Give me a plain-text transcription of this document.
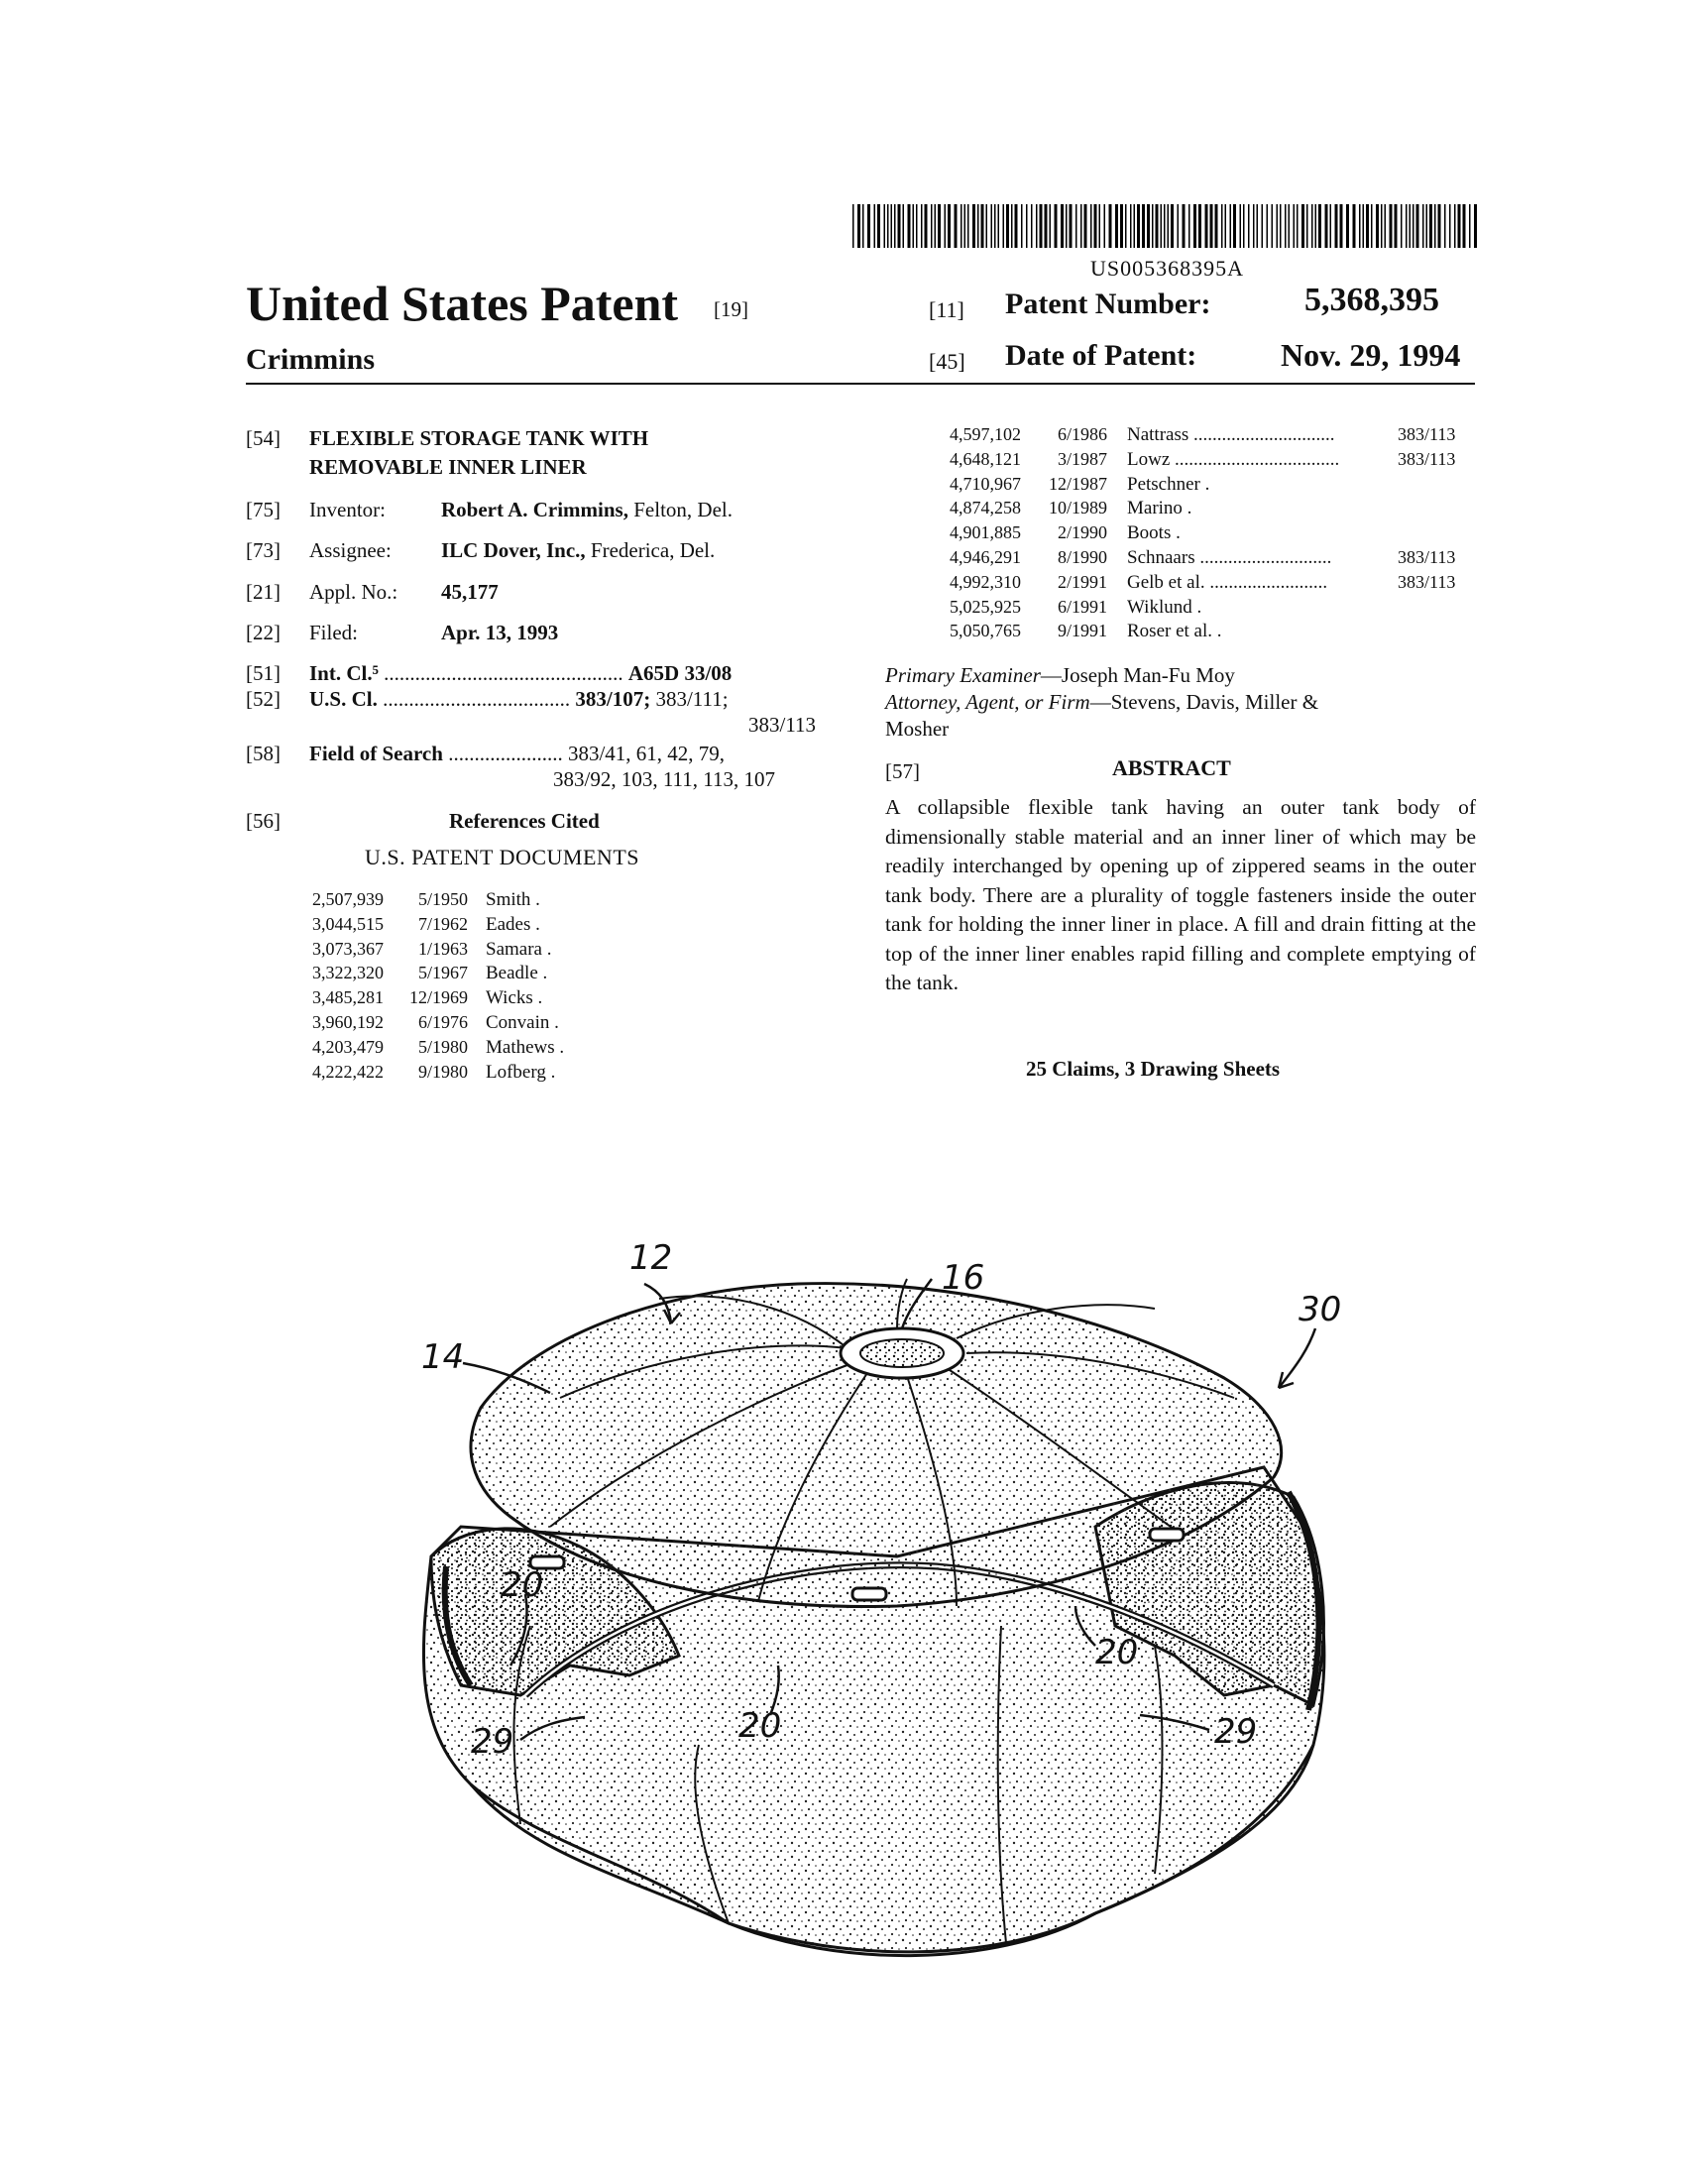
US005368395A
United States Patent [19]
Crimmins
[11] Patent Number:	5,368,395
[45] Date of Patent:	Nov. 29, 1994
[54] FLEXIBLE STORAGE TANK WITH
REMOVABLE INNER LINER
[75] Inventor:	Robert A. Crimmins, Felton, Del.
[73] Assignee: ILC Dover, Inc., Frederica, Del.
[21] Appl. No.: 45,177
[22] Filed:	Apr. 13, 1993
[51] Int. Cl.⁵ .............................................. A65D 33/08
[52] U.S. Cl. .................................... 383/107; 383/111;
383/113
[58] Field of Search ...................... 383/41, 61, 42, 79,
383/92, 103, 111, 113, 107
[56]	References Cited
U.S. PATENT DOCUMENTS
2,507,939	5/1950 Smith .
3,044,515	7/1962 Eades .
3,073,367	1/1963 Samara .
3,322,320	5/1967 Beadle .
3,485,281	12/1969 Wicks .
3,960,192	6/1976 Convain .
4,203,479	5/1980 Mathews .
4,222,422	9/1980 Lofberg .
4,597,102	6/1986 Nattrass ..............................	383/113
4,648,121	3/1987 Lowz ...................................	383/113
4,710,967	12/1987 Petschner .
4,874,258	10/1989 Marino .
4,901,885	2/1990 Boots .
4,946,291	8/1990 Schnaars ............................	383/113
4,992,310	2/1991 Gelb et al. .........................	383/113
5,025,925	6/1991 Wiklund .
5,050,765	9/1991 Roser et al. .
Primary Examiner—Joseph Man-Fu Moy
Attorney, Agent, or Firm—Stevens, Davis, Miller &
Mosher
[57]	ABSTRACT
A collapsible flexible tank having an outer tank body of dimensionally stable material and an inner liner of which may be readily interchanged by opening up of zippered seams in the outer tank body. There are a plurality of toggle fasteners inside the outer tank for holding the inner liner in place. A fill and drain fitting at the top of the inner liner enables rapid filling and complete emptying of the tank.
25 Claims, 3 Drawing Sheets
12
14
16
30
20
20
20
29	29
